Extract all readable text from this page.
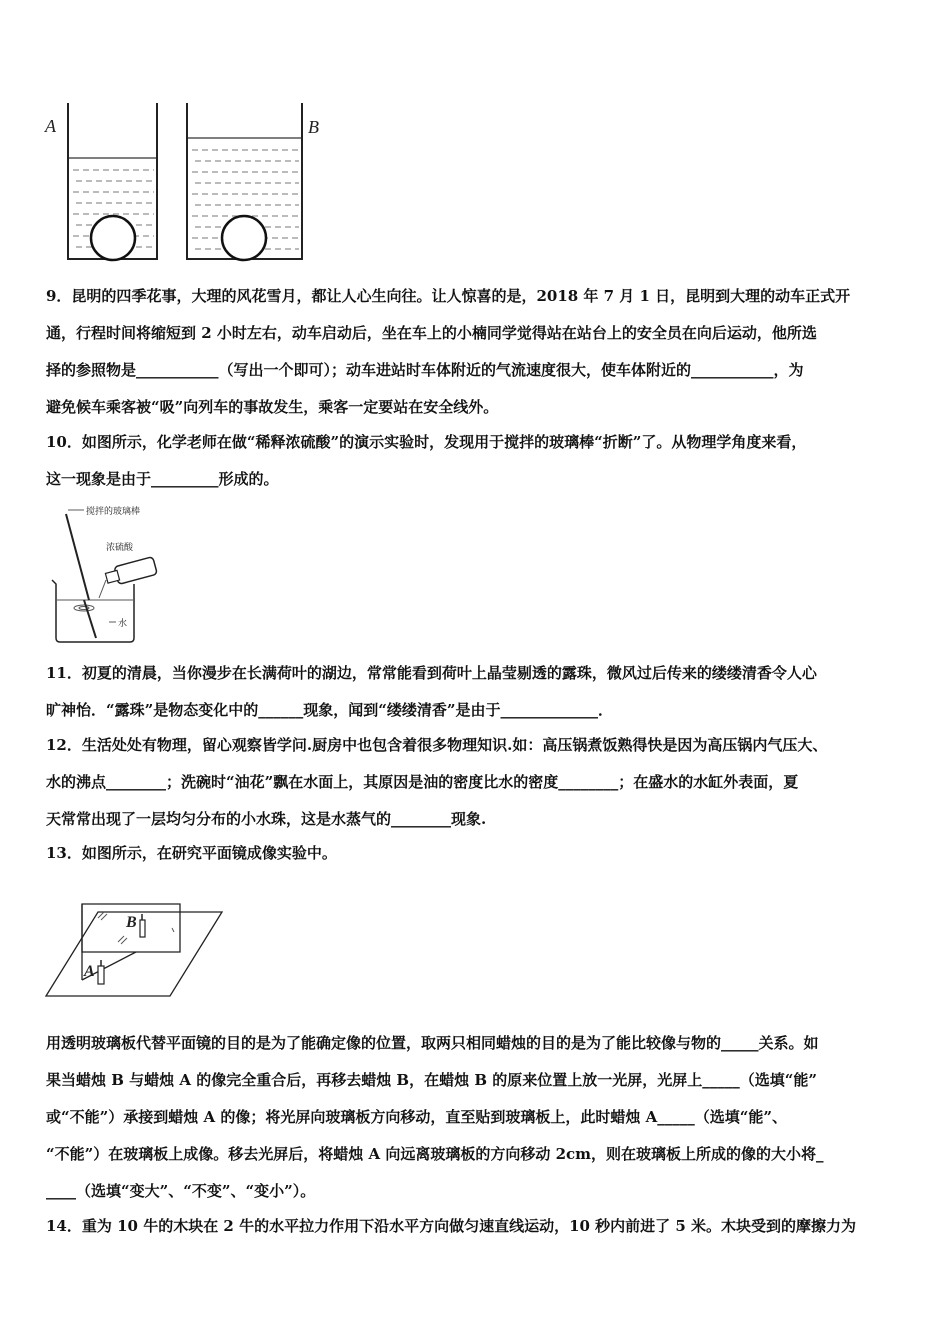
A	B
9．昆明的四季花事，大理的风花雪月，都让人心生向往。让人惊喜的是，2018 年 7 月 1 日，昆明到大理的动车正式开
通，行程时间将缩短到 2 小时左右，动车启动后，坐在车上的小楠同学觉得站在站台上的安全员在向后运动，他所选
择的参照物是___________（写出一个即可）；动车进站时车体附近的气流速度很大，使车体附近的___________，为
避免候车乘客被“吸”向列车的事故发生，乘客一定要站在安全线外。
10．如图所示，化学老师在做“稀释浓硫酸”的演示实验时，发现用于搅拌的玻璃棒“折断”了。从物理学角度来看，
这一现象是由于_________形成的。
搅拌的玻璃棒
浓硫酸
水
11．初夏的清晨，当你漫步在长满荷叶的湖边，常常能看到荷叶上晶莹剔透的露珠，微风过后传来的缕缕清香令人心
旷神怡．“露珠”是物态变化中的______现象，闻到“缕缕清香”是由于_____________．
12．生活处处有物理，留心观察皆学问.厨房中也包含着很多物理知识.如：高压锅煮饭熟得快是因为高压锅内气压大、
水的沸点________；洗碗时“油花”飘在水面上，其原因是油的密度比水的密度________；在盛水的水缸外表面，夏
天常常出现了一层均匀分布的小水珠，这是水蒸气的________现象.
13．如图所示，在研究平面镜成像实验中。
B
A
用透明玻璃板代替平面镜的目的是为了能确定像的位置，取两只相同蜡烛的目的是为了能比较像与物的_____关系。如
果当蜡烛 B 与蜡烛 A 的像完全重合后，再移去蜡烛 B，在蜡烛 B 的原来位置上放一光屏，光屏上_____（选填“能”
或“不能”）承接到蜡烛 A 的像；将光屏向玻璃板方向移动，直至贴到玻璃板上，此时蜡烛 A_____（选填“能”、
“不能”）在玻璃板上成像。移去光屏后，将蜡烛 A 向远离玻璃板的方向移动 2cm，则在玻璃板上所成的像的大小将_
____（选填“变大”、“不变”、“变小”）。
14．重为 10 牛的木块在 2 牛的水平拉力作用下沿水平方向做匀速直线运动，10 秒内前进了 5 米。木块受到的摩擦力为
